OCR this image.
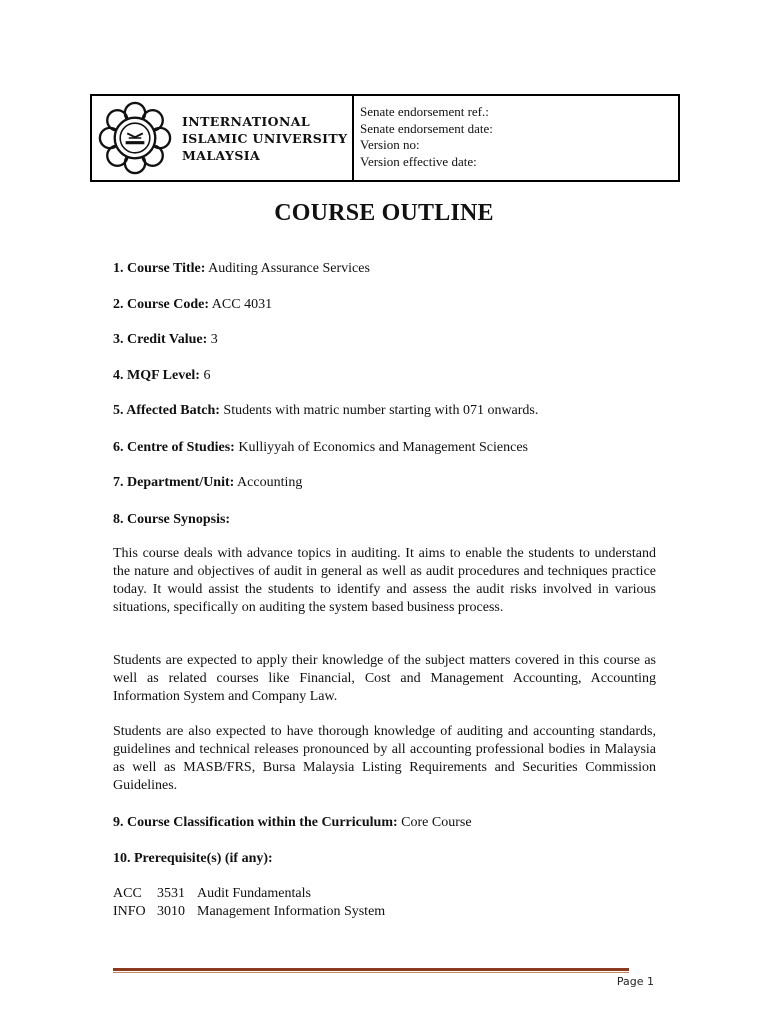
INTERNATIONAL
ISLAMIC UNIVERSITY
MALAYSIA
Senate endorsement ref.:
Senate endorsement date:
Version no:
Version effective date:
COURSE OUTLINE
1. Course Title: Auditing Assurance Services
2. Course Code: ACC 4031
3. Credit Value: 3
4. MQF Level: 6
5. Affected Batch: Students with matric number starting with 071 onwards.
6. Centre of Studies: Kulliyyah of Economics and Management Sciences
7. Department/Unit: Accounting
8. Course Synopsis:
This course deals with advance topics in auditing. It aims to enable the students to understand the nature and objectives of audit in general as well as audit procedures and techniques practice today. It would assist the students to identify and assess the audit risks involved in various situations, specifically on auditing the system based business process.
Students are expected to apply their knowledge of the subject matters covered in this course as well as related courses like Financial, Cost and Management Accounting, Accounting Information System and Company Law.
Students are also expected to have thorough knowledge of auditing and accounting standards, guidelines and technical releases pronounced by all accounting professional bodies in Malaysia as well as MASB/FRS, Bursa Malaysia Listing Requirements and Securities Commission Guidelines.
9. Course Classification within the Curriculum: Core Course
10. Prerequisite(s) (if any):
ACC 3531 Audit Fundamentals
INFO 3010 Management Information System
Page 1
